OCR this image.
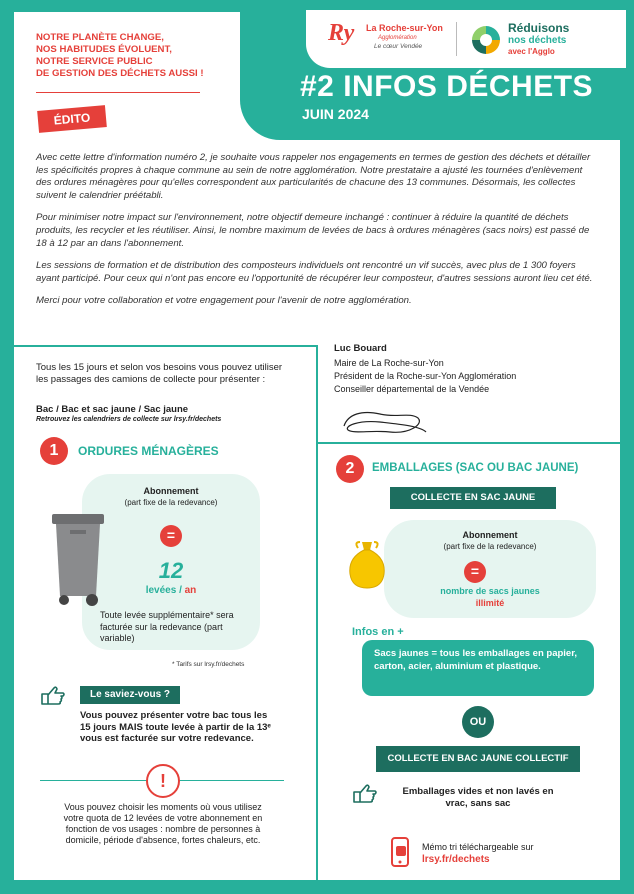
Ry La Roche-sur-Yon
Agglomération
Le cœur Vendée
Réduisons
nos déchets
avec l'Agglo
#2 INFOS DÉCHETS
JUIN 2024
NOTRE PLANÈTE CHANGE,
NOS HABITUDES ÉVOLUENT,
NOTRE SERVICE PUBLIC
DE GESTION DES DÉCHETS AUSSI !
ÉDITO

Avec cette lettre d'information numéro 2, je souhaite vous rappeler nos engagements en termes de gestion des déchets et détailler les spécificités propres à chaque commune au sein de notre agglomération. Notre prestataire a ajusté les tournées d'enlèvement des ordures ménagères pour qu'elles correspondent aux particularités de chacune des 13 communes. Désormais, les collectes suivent le calendrier préétabli.

Pour minimiser notre impact sur l'environnement, notre objectif demeure inchangé : continuer à réduire la quantité de déchets produits, les recycler et les réutiliser. Ainsi, le nombre maximum de levées de bacs à ordures ménagères (sacs noirs) est passé de 18 à 12 par an dans l'abonnement.

Les sessions de formation et de distribution des composteurs individuels ont rencontré un vif succès, avec plus de 1 300 foyers ayant participé. Pour ceux qui n'ont pas encore eu l'opportunité de récupérer leur composteur, d'autres sessions auront lieu cet été.

Merci pour votre collaboration et votre engagement pour l'avenir de notre agglomération.

Luc Bouard
Maire de La Roche-sur-Yon
Président de la Roche-sur-Yon Agglomération
Conseiller départemental de la Vendée
Tous les 15 jours et selon vos besoins vous pouvez utiliser les passages des camions de collecte pour présenter :
Bac / Bac et sac jaune / Sac jaune
Retrouvez les calendriers de collecte sur lrsy.fr/dechets
1	ORDURES MÉNAGÈRES
Abonnement
(part fixe de la redevance)
=
12
levées / an
Toute levée supplémentaire* sera facturée sur la redevance (part variable)
* Tarifs sur lrsy.fr/dechets
Le saviez-vous ?
Vous pouvez présenter votre bac tous les 15 jours MAIS toute levée à partir de la 13ᵉ vous est facturée sur votre redevance.
!
Vous pouvez choisir les moments où vous utilisez votre quota de 12 levées de votre abonnement en fonction de vos usages : nombre de personnes à domicile, période d'absence, fortes chaleurs, etc.
2	EMBALLAGES (SAC OU BAC JAUNE)
COLLECTE EN SAC JAUNE
Abonnement
(part fixe de la redevance)
=
nombre de sacs jaunes
illimité
Infos en +
Sacs jaunes = tous les emballages en papier, carton, acier, aluminium et plastique.
OU
COLLECTE EN BAC JAUNE COLLECTIF
Emballages vides et non lavés en vrac, sans sac
Mémo tri téléchargeable sur
lrsy.fr/dechets
